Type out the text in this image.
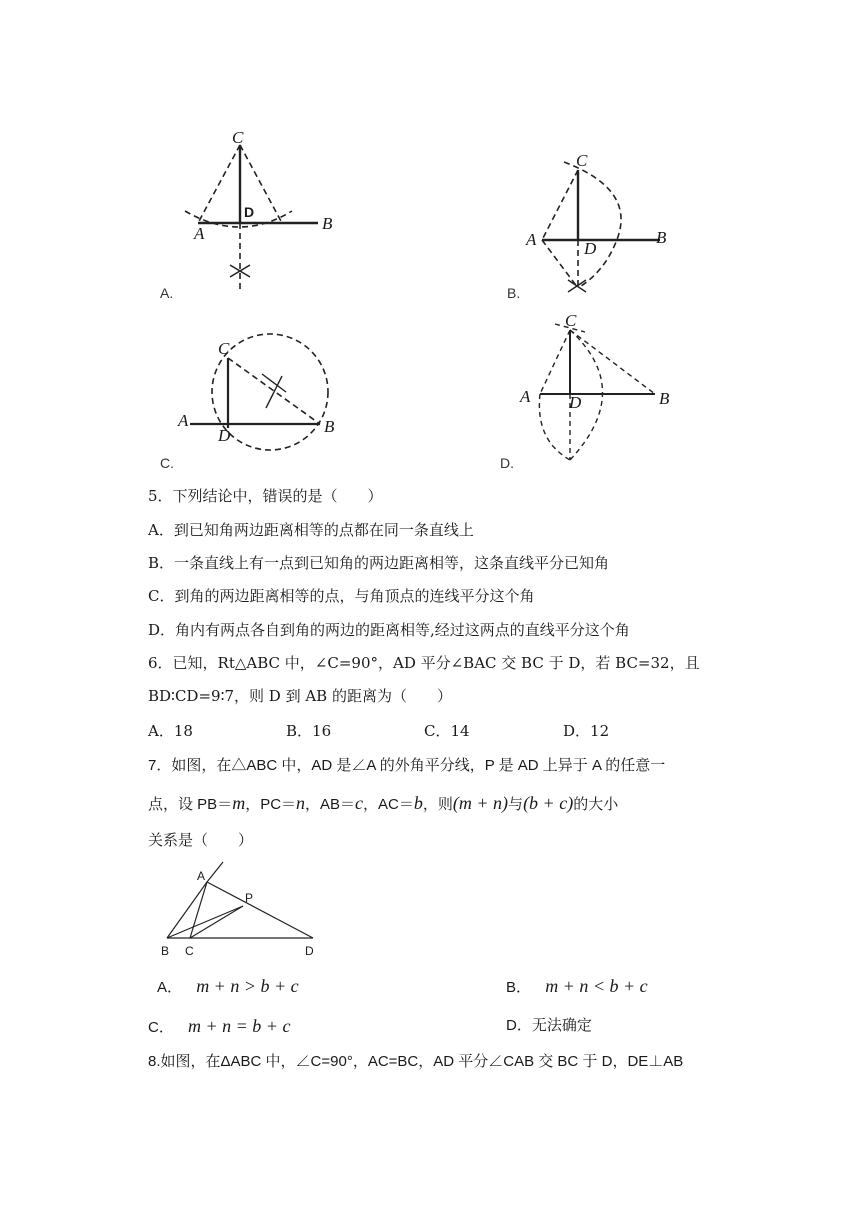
C
D
A
B
A.
C
D
A	B
B.
C
D
A	B
C.
C
D
A	B
D.
5．下列结论中，错误的是（　　）
A．到已知角两边距离相等的点都在同一条直线上
B．一条直线上有一点到已知角的两边距离相等，这条直线平分已知角
C．到角的两边距离相等的点，与角顶点的连线平分这个角
D．角内有两点各自到角的两边的距离相等,经过这两点的直线平分这个角
6．已知，Rt△ABC 中，∠C=90°，AD 平分∠BAC 交 BC 于 D，若 BC=32，且
BD∶CD=9∶7，则 D 到 AB 的距离为（　　）
A．18	B．16	C．14	D．12
7．如图，在△ABC 中，AD 是∠A 的外角平分线，P 是 AD 上异于 A 的任意一
点，设 PB＝m，PC＝n，AB＝c，AC＝b，则(m + n)与(b + c)的大小
关系是（　　）
A
P
B C	D
A． m + n > b + c	B． m + n < b + c
C． m + n = b + c	D．无法确定
8.如图，在ΔABC 中，∠C=90°，AC=BC，AD 平分∠CAB 交 BC 于 D，DE⊥AB
